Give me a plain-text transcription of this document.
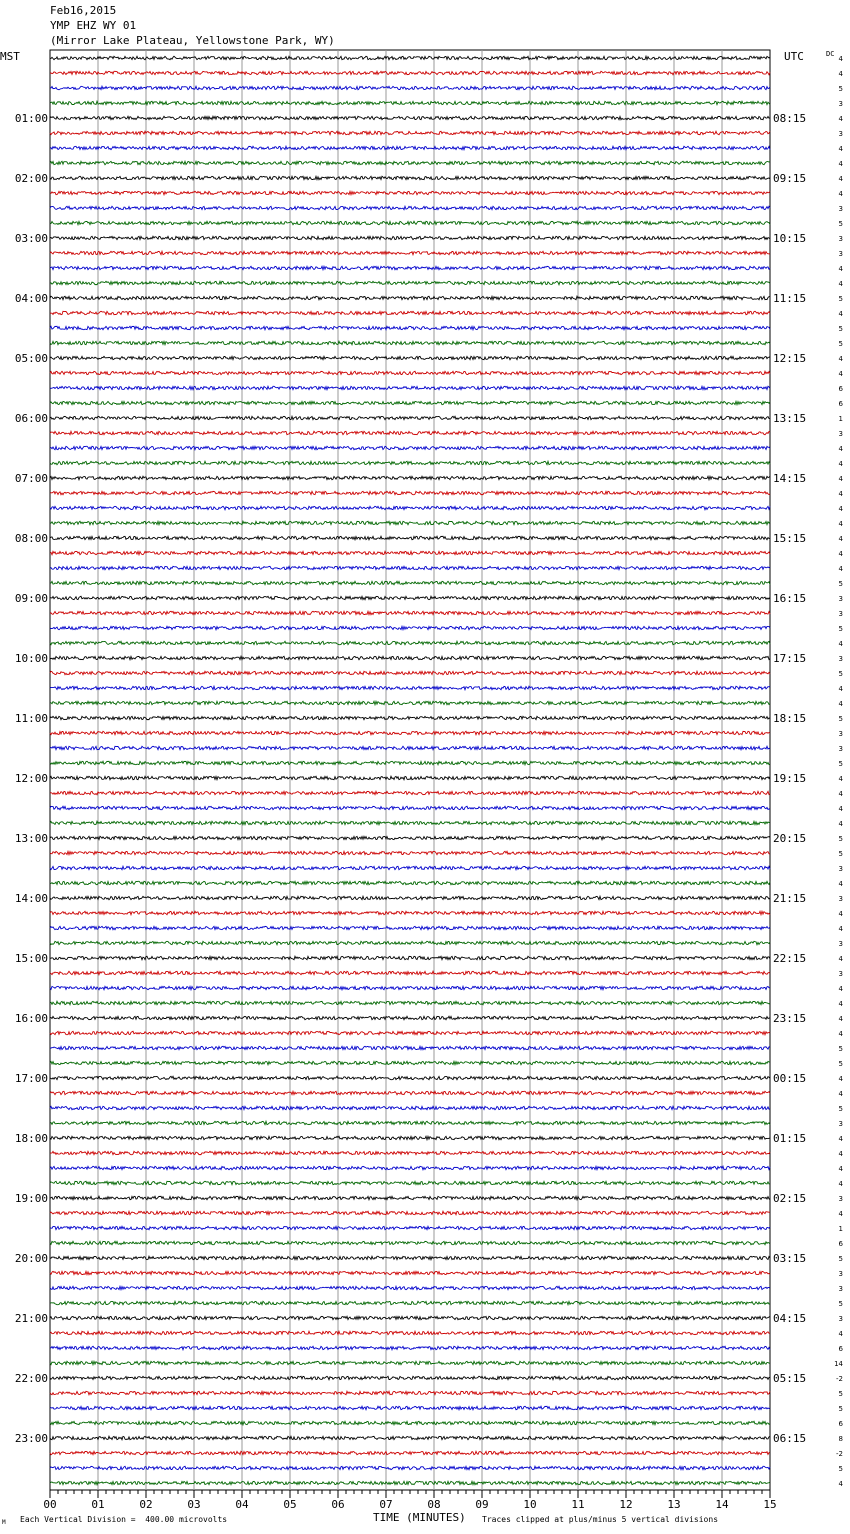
Feb16,2015
YMP EHZ WY 01
(Mirror Lake Plateau, Yellowstone Park, WY)
MST	UTC	DC
4
4
5
3
4
3
4
4
4
4
3
5
3
3
4
4
5
4
5
5
4
4
6
6
1
3
4
4
4
4
4
4
4
4
4
5
3
3
5
4
3
5
4
4
5
3
3
5
4
4
4
4
5
5
3
4
3
4
4
3
4
3
4
4
4
4
5
5
4
4
5
3
4
4
4
4
3
4
1
6
5
3
3
5
3
4
6
14
-2
5
5
6
8
-2
5
4
01:00	08:15
02:00	09:15
03:00	10:15
04:00	11:15
05:00	12:15
06:00	13:15
07:00	14:15
08:00	15:15
09:00	16:15
10:00	17:15
11:00	18:15
12:00	19:15
13:00	20:15
14:00	21:15
15:00	22:15
16:00	23:15
17:00	00:15
18:00	01:15
19:00	02:15
20:00	03:15
21:00	04:15
22:00	05:15
23:00	06:15
00	01	02	03	04	05	06	07	08	09	10	11	12	13	14	15
M Each Vertical Division =  400.00 microvolts	TIME (MINUTES) Traces clipped at plus/minus 5 vertical divisions
